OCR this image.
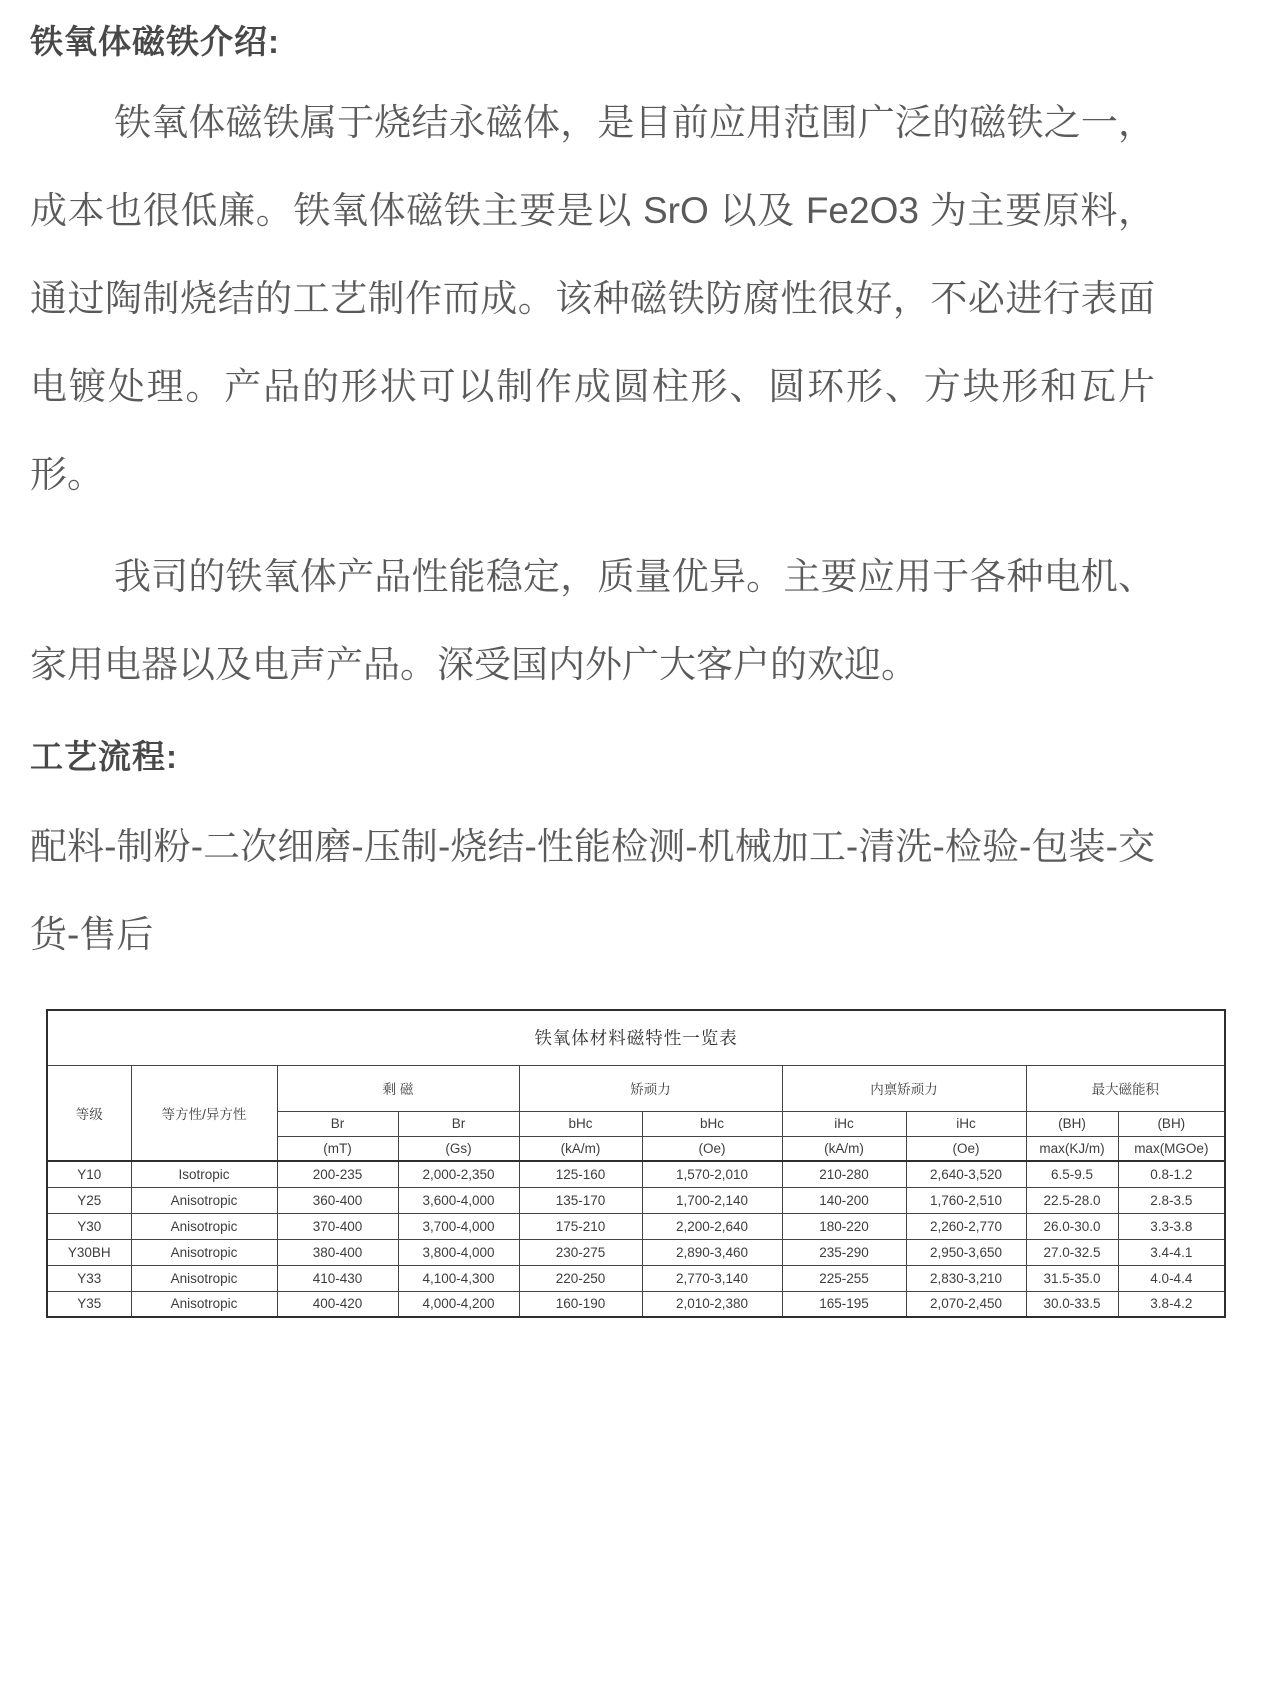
铁氧体磁铁介绍:

铁氧体磁铁属于烧结永磁体，是目前应用范围广泛的磁铁之一，成本也很低廉。铁氧体磁铁主要是以 SrO 以及 Fe2O3 为主要原料，通过陶制烧结的工艺制作而成。该种磁铁防腐性很好，不必进行表面电镀处理。产品的形状可以制作成圆柱形、圆环形、方块形和瓦片形。

我司的铁氧体产品性能稳定，质量优异。主要应用于各种电机、家用电器以及电声产品。深受国内外广大客户的欢迎。

工艺流程:

配料-制粉-二次细磨-压制-烧结-性能检测-机械加工-清洗-检验-包装-交货-售后

铁氧体材料磁特性一览表									
等级	等方性/异方性	剩 磁		矫顽力		内禀矫顽力		最大磁能积	
		Br	Br	bHc	bHc	iHc	iHc	(BH)	(BH)
		(mT)	(Gs)	(kA/m)	(Oe)	(kA/m)	(Oe)	max(KJ/m)	max(MGOe)
Y10	Isotropic	200-235	2,000-2,350	125-160	1,570-2,010	210-280	2,640-3,520	6.5-9.5	0.8-1.2
Y25	Anisotropic	360-400	3,600-4,000	135-170	1,700-2,140	140-200	1,760-2,510	22.5-28.0	2.8-3.5
Y30	Anisotropic	370-400	3,700-4,000	175-210	2,200-2,640	180-220	2,260-2,770	26.0-30.0	3.3-3.8
Y30BH	Anisotropic	380-400	3,800-4,000	230-275	2,890-3,460	235-290	2,950-3,650	27.0-32.5	3.4-4.1
Y33	Anisotropic	410-430	4,100-4,300	220-250	2,770-3,140	225-255	2,830-3,210	31.5-35.0	4.0-4.4
Y35	Anisotropic	400-420	4,000-4,200	160-190	2,010-2,380	165-195	2,070-2,450	30.0-33.5	3.8-4.2
